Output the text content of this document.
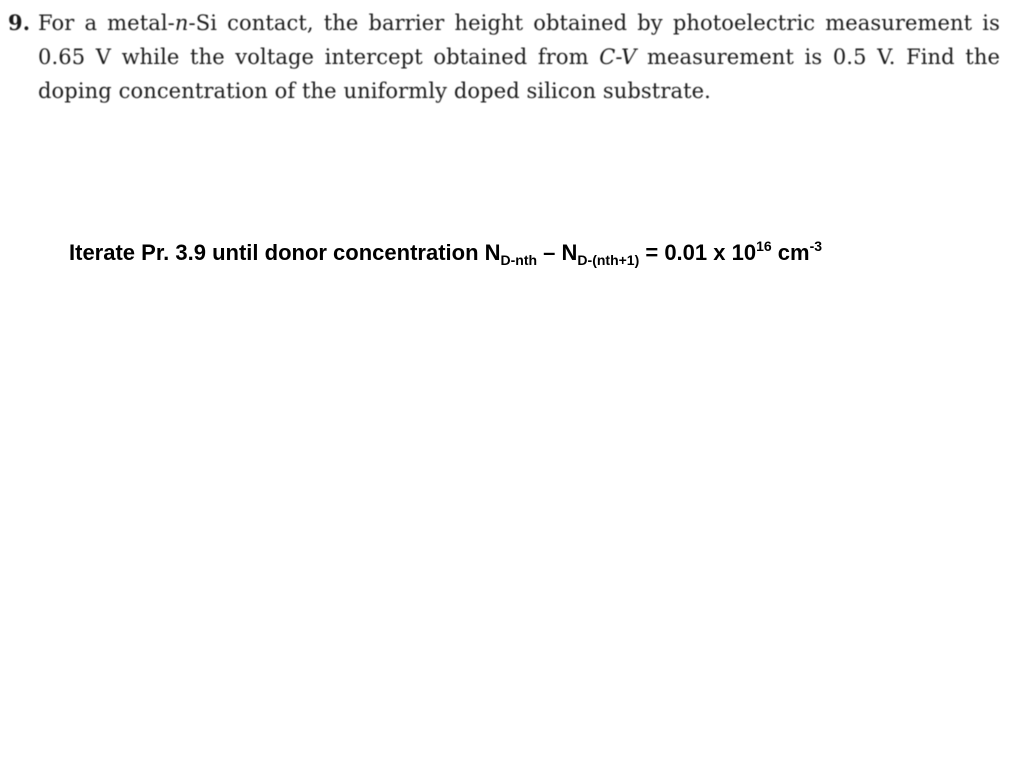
9. For a metal-n-Si contact, the barrier height obtained by photoelectric measurement is
0.65 V while the voltage intercept obtained from C-V measurement is 0.5 V. Find the
doping concentration of the uniformly doped silicon substrate.
Iterate Pr. 3.9 until donor concentration $N_{D-nth} - N_{D-(nth+1)} = 0.01$ x $10^{16}$ $cm^{-3}$
